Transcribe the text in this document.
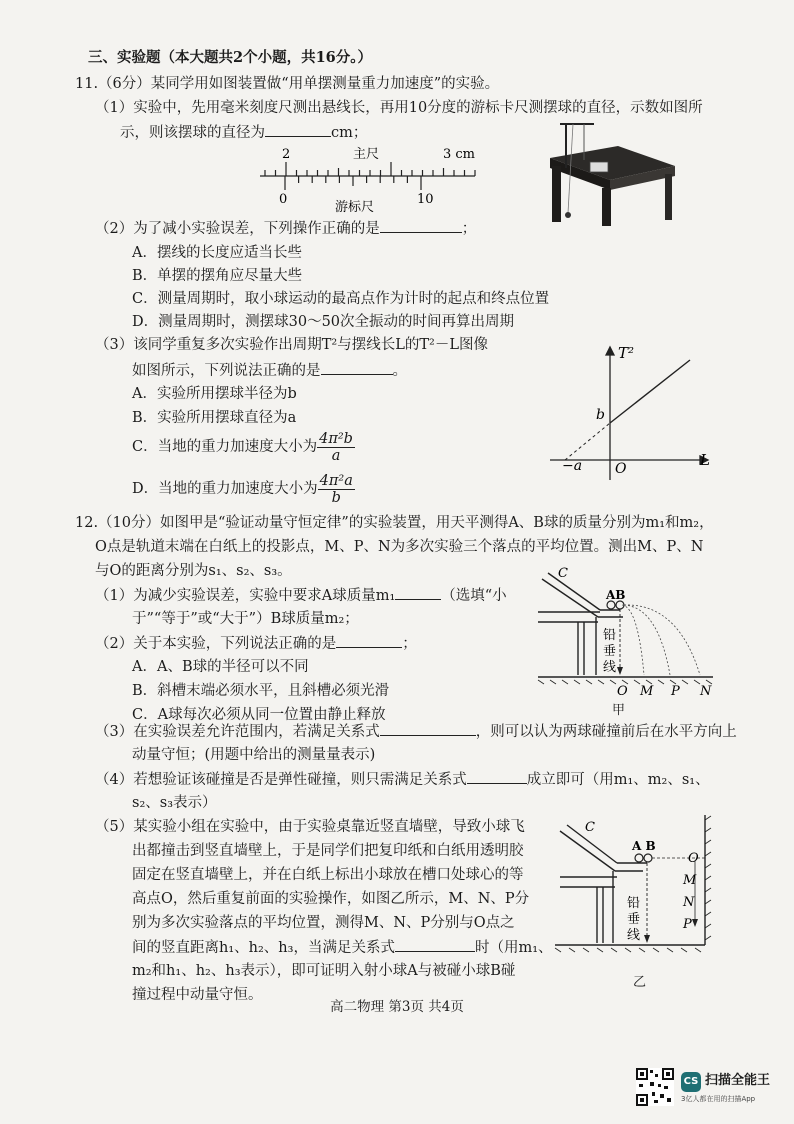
三、实验题（本大题共2个小题，共16分。）
11.（6分）某同学用如图装置做“用单摆测量重力加速度”的实验。
（1）实验中，先用毫米刻度尺测出悬线长，再用10分度的游标卡尺测摆球的直径，示数如图所
示，则该摆球的直径为	cm；
2	主尺	3 cm
0
游标尺
10
（2）为了减小实验误差，下列操作正确的是	；
A．摆线的长度应适当长些
B．单摆的摆角应尽量大些
C．测量周期时，取小球运动的最高点作为计时的起点和终点位置
D．测量周期时，测摆球30～50次全振动的时间再算出周期
（3）该同学重复多次实验作出周期T²与摆线长L的T²－L图像
如图所示，下列说法正确的是	。
A．实验所用摆球半径为b
B．实验所用摆球直径为a
C．当地的重力加速度大小为 $\frac{\text{4π²b}}{a}$
D．当地的重力加速度大小为 $\frac{\text{4π²a}}{b}$
T²
L
b
−a O
12.（10分）如图甲是“验证动量守恒定律”的实验装置，用天平测得A、B球的质量分别为m₁和m₂，
O点是轨道末端在白纸上的投影点，M、P、N为多次实验三个落点的平均位置。测出M、P、N
与O的距离分别为s₁、s₂、s₃。
（1）为减少实验误差，实验中要求A球质量m₁	（选填“小
于”“等于”或“大于”）B球质量m₂；
（2）关于本实验，下列说法正确的是	；
A．A、B球的半径可以不同
B．斜槽末端必须水平，且斜槽必须光滑
C．A球每次必须从同一位置由静止释放
C
AB
铅
垂
线
O M P N
甲
（3）在实验误差允许范围内，若满足关系式	，则可以认为两球碰撞前后在水平方向上
动量守恒；(用题中给出的测量量表示)
（4）若想验证该碰撞是否是弹性碰撞，则只需满足关系式	成立即可（用m₁、m₂、s₁、
s₂、s₃表示）
（5）某实验小组在实验中，由于实验桌靠近竖直墙壁，导致小球飞
出都撞击到竖直墙壁上，于是同学们把复印纸和白纸用透明胶
固定在竖直墙壁上，并在白纸上标出小球放在槽口处球心的等
高点O，然后重复前面的实验操作，如图乙所示，M、N、P分
别为多次实验落点的平均位置，测得M、N、P分别与O点之
间的竖直距离h₁、h₂、h₃，当满足关系式	时（用m₁、
m₂和h₁、h₂、h₃表示），即可证明入射小球A与被碰小球B碰
撞过程中动量守恒。
C
A B
铅
垂
线
O
M
N
P
乙
高二物理 第3页 共4页
CS 扫描全能王
3亿人都在用的扫描App
